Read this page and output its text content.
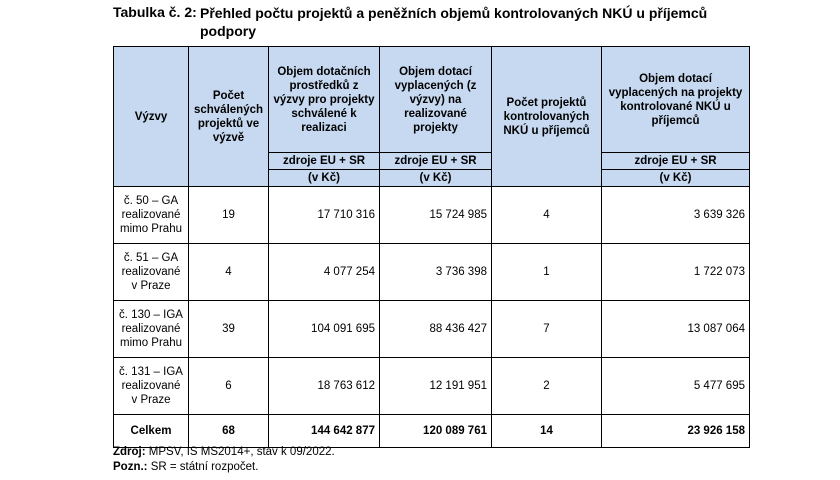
Tabulka č. 2: Přehled počtu projektů a peněžních objemů kontrolovaných NKÚ u příjemců podpory
Výzvy	Počet schválených projektů ve výzvě	Objem dotačních prostředků z výzvy pro projekty schválené k realizaci	Objem dotací vyplacených (z výzvy) na realizované projekty	Počet projektů kontrolovaných NKÚ u příjemců	Objem dotací vyplacených na projekty kontrolované NKÚ u příjemců
		zdroje EU + SR	zdroje EU + SR		zdroje EU + SR
		(v Kč)	(v Kč)		(v Kč)
č. 50 – GA realizované mimo Prahu	19	17 710 316	15 724 985	4	3 639 326
č. 51 – GA realizované v Praze	4	4 077 254	3 736 398	1	1 722 073
č. 130 – IGA realizované mimo Prahu	39	104 091 695	88 436 427	7	13 087 064
č. 131 – IGA realizované v Praze	6	18 763 612	12 191 951	2	5 477 695
Celkem	68	144 642 877	120 089 761	14	23 926 158
Zdroj: MPSV, IS MS2014+, stav k 09/2022.
Pozn.: SR = státní rozpočet.
